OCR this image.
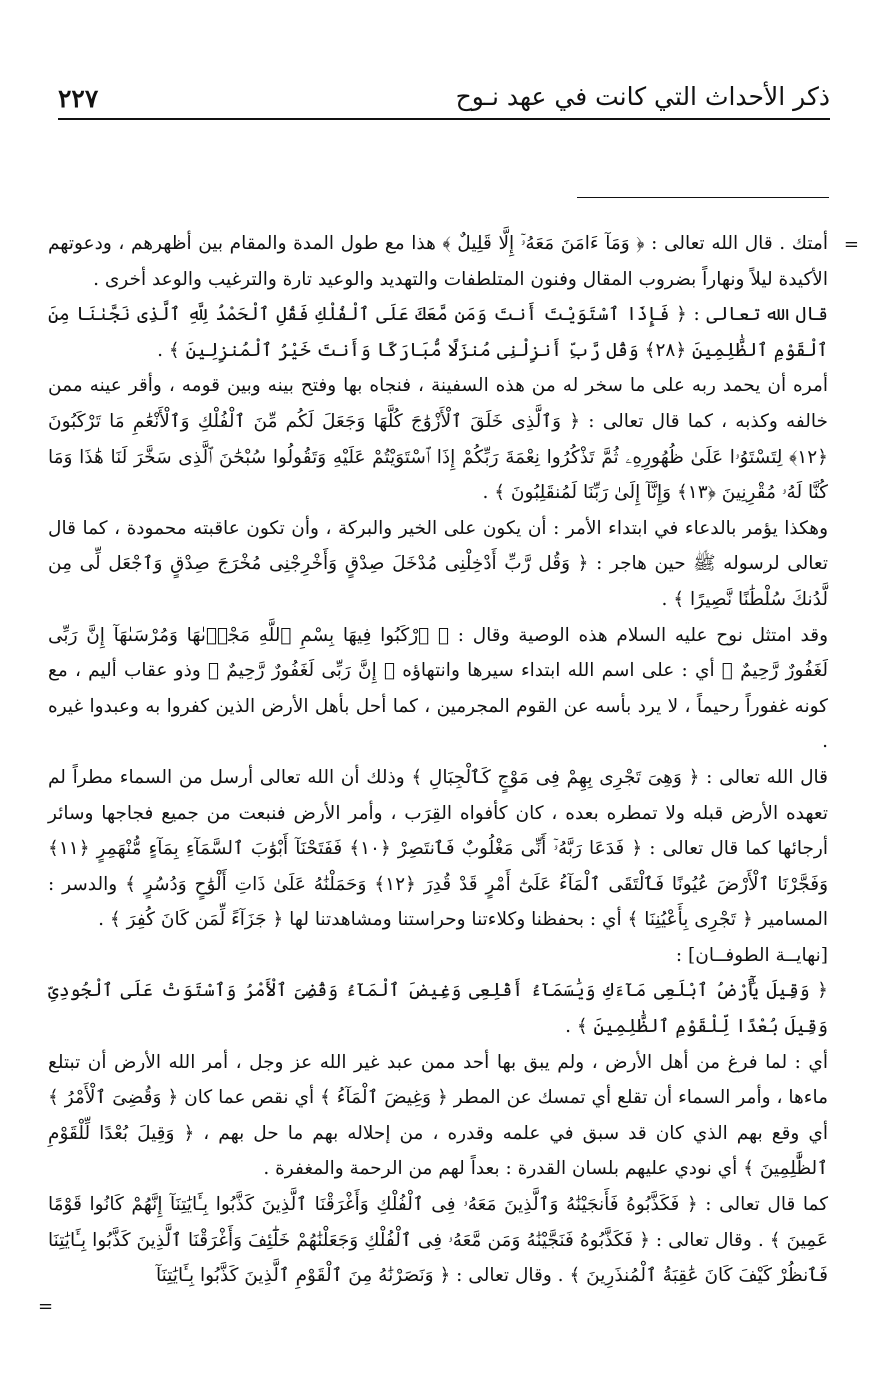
ذكر الأحداث التي كانت في عهد نـوح
٢٢٧
=

أمتك . قال الله تعالى : ﴿ وَمَآ ءَامَنَ مَعَهُۥٓ إِلَّا قَلِيلٌ ﴾ هذا مع طول المدة والمقام بين أظهرهم ، ودعوتهم الأكيدة ليلاً ونهاراً بضروب المقال وفنون المتلطفات والتهديد والوعيد تارة والترغيب والوعد أخرى .

قال الله تعالى : ﴿ فَإِذَا ٱسْتَوَيْتَ أَنتَ وَمَن مَّعَكَ عَلَى ٱلْفُلْكِ فَقُلِ ٱلْحَمْدُ لِلَّهِ ٱلَّذِى نَجَّىٰنَا مِنَ ٱلْقَوْمِ ٱلظَّٰلِمِينَ ﴿٢٨﴾ وَقُل رَّبِّ أَنزِلْنِى مُنزَلًا مُّبَارَكًا وَأَنتَ خَيْرُ ٱلْمُنزِلِينَ ﴾ .

أمره أن يحمد ربه على ما سخر له من هذه السفينة ، فنجاه بها وفتح بينه وبين قومه ، وأقر عينه ممن خالفه وكذبه ، كما قال تعالى : ﴿ وَٱلَّذِى خَلَقَ ٱلْأَزْوَٰجَ كُلَّهَا وَجَعَلَ لَكُم مِّنَ ٱلْفُلْكِ وَٱلْأَنْعَٰمِ مَا تَرْكَبُونَ ﴿١٢﴾ لِتَسْتَوُۥا عَلَىٰ ظُهُورِهِۦ ثُمَّ تَذْكُرُوا نِعْمَةَ رَبِّكُمْ إِذَا ٱسْتَوَيْتُمْ عَلَيْهِ وَتَقُولُوا سُبْحَٰنَ ٱلَّذِى سَخَّرَ لَنَا هَٰذَا وَمَا كُنَّا لَهُۥ مُقْرِنِينَ ﴿١٣﴾ وَإِنَّآ إِلَىٰ رَبِّنَا لَمُنقَلِبُونَ ﴾ .

وهكذا يؤمر بالدعاء في ابتداء الأمر : أن يكون على الخير والبركة ، وأن تكون عاقبته محمودة ، كما قال تعالى لرسوله ﷺ حين هاجر : ﴿ وَقُل رَّبِّ أَدْخِلْنِى مُدْخَلَ صِدْقٍ وَأَخْرِجْنِى مُخْرَجَ صِدْقٍ وَٱجْعَل لِّى مِن لَّدُنكَ سُلْطَٰنًا نَّصِيرًا ﴾ .

وقد امتثل نوح عليه السلام هذه الوصية وقال : ﴿ ٱرْكَبُوا فِيهَا بِسْمِ ٱللَّهِ مَجْرٜىٰهَا وَمُرْسَىٰهَآ إِنَّ رَبِّى لَغَفُورٌ رَّحِيمٌ ﴾ أي : على اسم الله ابتداء سيرها وانتهاؤه ﴿ إِنَّ رَبِّى لَغَفُورٌ رَّحِيمٌ ﴾ وذو عقاب أليم ، مع كونه غفوراً رحيماً ، لا يرد بأسه عن القوم المجرمين ، كما أحل بأهل الأرض الذين كفروا به وعبدوا غيره .

قال الله تعالى : ﴿ وَهِىَ تَجْرِى بِهِمْ فِى مَوْجٍ كَٱلْجِبَالِ ﴾ وذلك أن الله تعالى أرسل من السماء مطراً لم تعهده الأرض قبله ولا تمطره بعده ، كان كأفواه القِرَب ، وأمر الأرض فنبعت من جميع فجاجها وسائر أرجائها كما قال تعالى : ﴿ فَدَعَا رَبَّهُۥٓ أَنِّى مَغْلُوبٌ فَٱنتَصِرْ ﴿١٠﴾ فَفَتَحْنَآ أَبْوَٰبَ ٱلسَّمَآءِ بِمَآءٍ مُّنْهَمِرٍ ﴿١١﴾ وَفَجَّرْنَا ٱلْأَرْضَ عُيُونًا فَٱلْتَقَى ٱلْمَآءُ عَلَىٰٓ أَمْرٍ قَدْ قُدِرَ ﴿١٢﴾ وَحَمَلْنَٰهُ عَلَىٰ ذَاتِ أَلْوَٰحٍ وَدُسُرٍ ﴾ والدسر : المسامير ﴿ تَجْرِى بِأَعْيُنِنَا ﴾ أي : بحفظنا وكلاءتنا وحراستنا ومشاهدتنا لها ﴿ جَزَآءً لِّمَن كَانَ كُفِرَ ﴾ .

[نهايــة الطوفــان] :

﴿ وَقِيلَ يَٰٓأَرْضُ ٱبْلَعِى مَآءَكِ وَيَٰسَمَآءُ أَقْلِعِى وَغِيضَ ٱلْمَآءُ وَقُضِىَ ٱلْأَمْرُ وَٱسْتَوَتْ عَلَى ٱلْجُودِىِّ وَقِيلَ بُعْدًا لِّلْقَوْمِ ٱلظَّٰلِمِينَ ﴾ .

أي : لما فرغ من أهل الأرض ، ولم يبق بها أحد ممن عبد غير الله عز وجل ، أمر الله الأرض أن تبتلع ماءها ، وأمر السماء أن تقلع أي تمسك عن المطر ﴿ وَغِيضَ ٱلْمَآءُ ﴾ أي نقص عما كان ﴿ وَقُضِىَ ٱلْأَمْرُ ﴾ أي وقع بهم الذي كان قد سبق في علمه وقدره ، من إحلاله بهم ما حل بهم ، ﴿ وَقِيلَ بُعْدًا لِّلْقَوْمِ ٱلظَّٰلِمِينَ ﴾ أي نودي عليهم بلسان القدرة : بعداً لهم من الرحمة والمغفرة .

كما قال تعالى : ﴿ فَكَذَّبُوهُ فَأَنجَيْنَٰهُ وَٱلَّذِينَ مَعَهُۥ فِى ٱلْفُلْكِ وَأَغْرَقْنَا ٱلَّذِينَ كَذَّبُوا بِـَٔايَٰتِنَآ إِنَّهُمْ كَانُوا قَوْمًا عَمِينَ ﴾ . وقال تعالى : ﴿ فَكَذَّبُوهُ فَنَجَّيْنَٰهُ وَمَن مَّعَهُۥ فِى ٱلْفُلْكِ وَجَعَلْنَٰهُمْ خَلَٰٓئِفَ وَأَغْرَقْنَا ٱلَّذِينَ كَذَّبُوا بِـَٔايَٰتِنَا فَٱنظُرْ كَيْفَ كَانَ عَٰقِبَةُ ٱلْمُنذَرِينَ ﴾ . وقال تعالى : ﴿ وَنَصَرْنَٰهُ مِنَ ٱلْقَوْمِ ٱلَّذِينَ كَذَّبُوا بِـَٔايَٰتِنَآ

=
